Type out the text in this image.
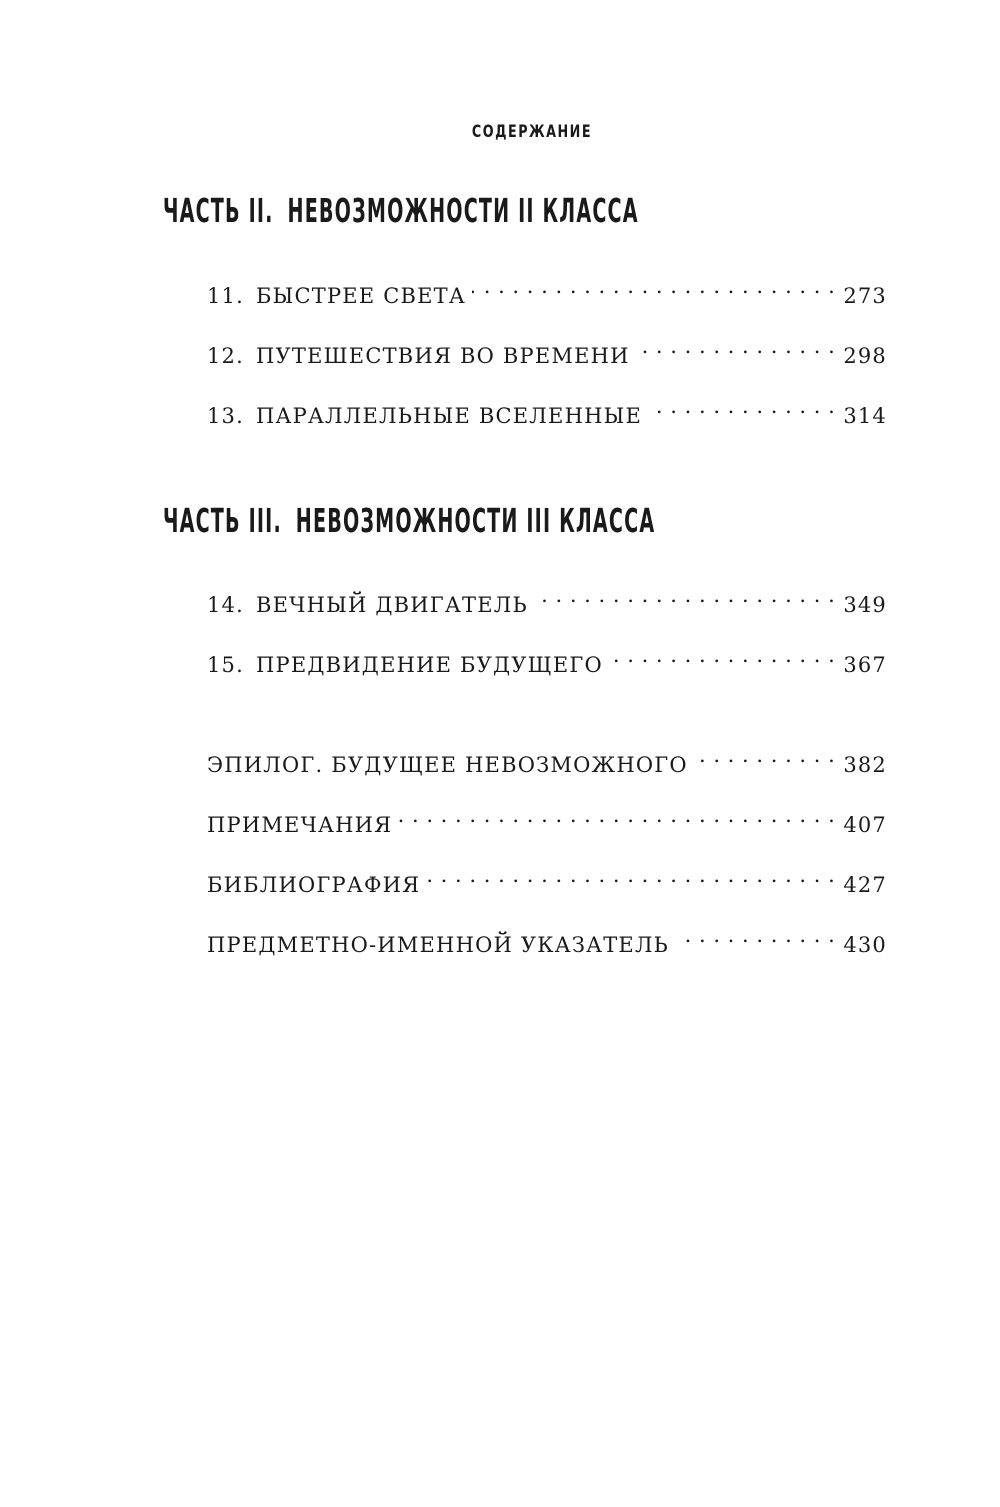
СОДЕРЖАНИЕ
ЧАСТЬ II. НЕВОЗМОЖНОСТИ II КЛАССА
11. БЫСТРЕЕ СВЕТА . . .	273
12. ПУТЕШЕСТВИЯ ВО ВРЕМЕНИ . . .	298
13. ПАРАЛЛЕЛЬНЫЕ ВСЕЛЕННЫЕ . . .	314
ЧАСТЬ III. НЕВОЗМОЖНОСТИ III КЛАССА
14. ВЕЧНЫЙ ДВИГАТЕЛЬ . . .	349
15. ПРЕДВИДЕНИЕ БУДУЩЕГО . . .	367
ЭПИЛОГ. БУДУЩЕЕ НЕВОЗМОЖНОГО . . .	382
ПРИМЕЧАНИЯ . . .	407
БИБЛИОГРАФИЯ . . .	427
ПРЕДМЕТНО-ИМЕННОЙ УКАЗАТЕЛЬ . . .	430
